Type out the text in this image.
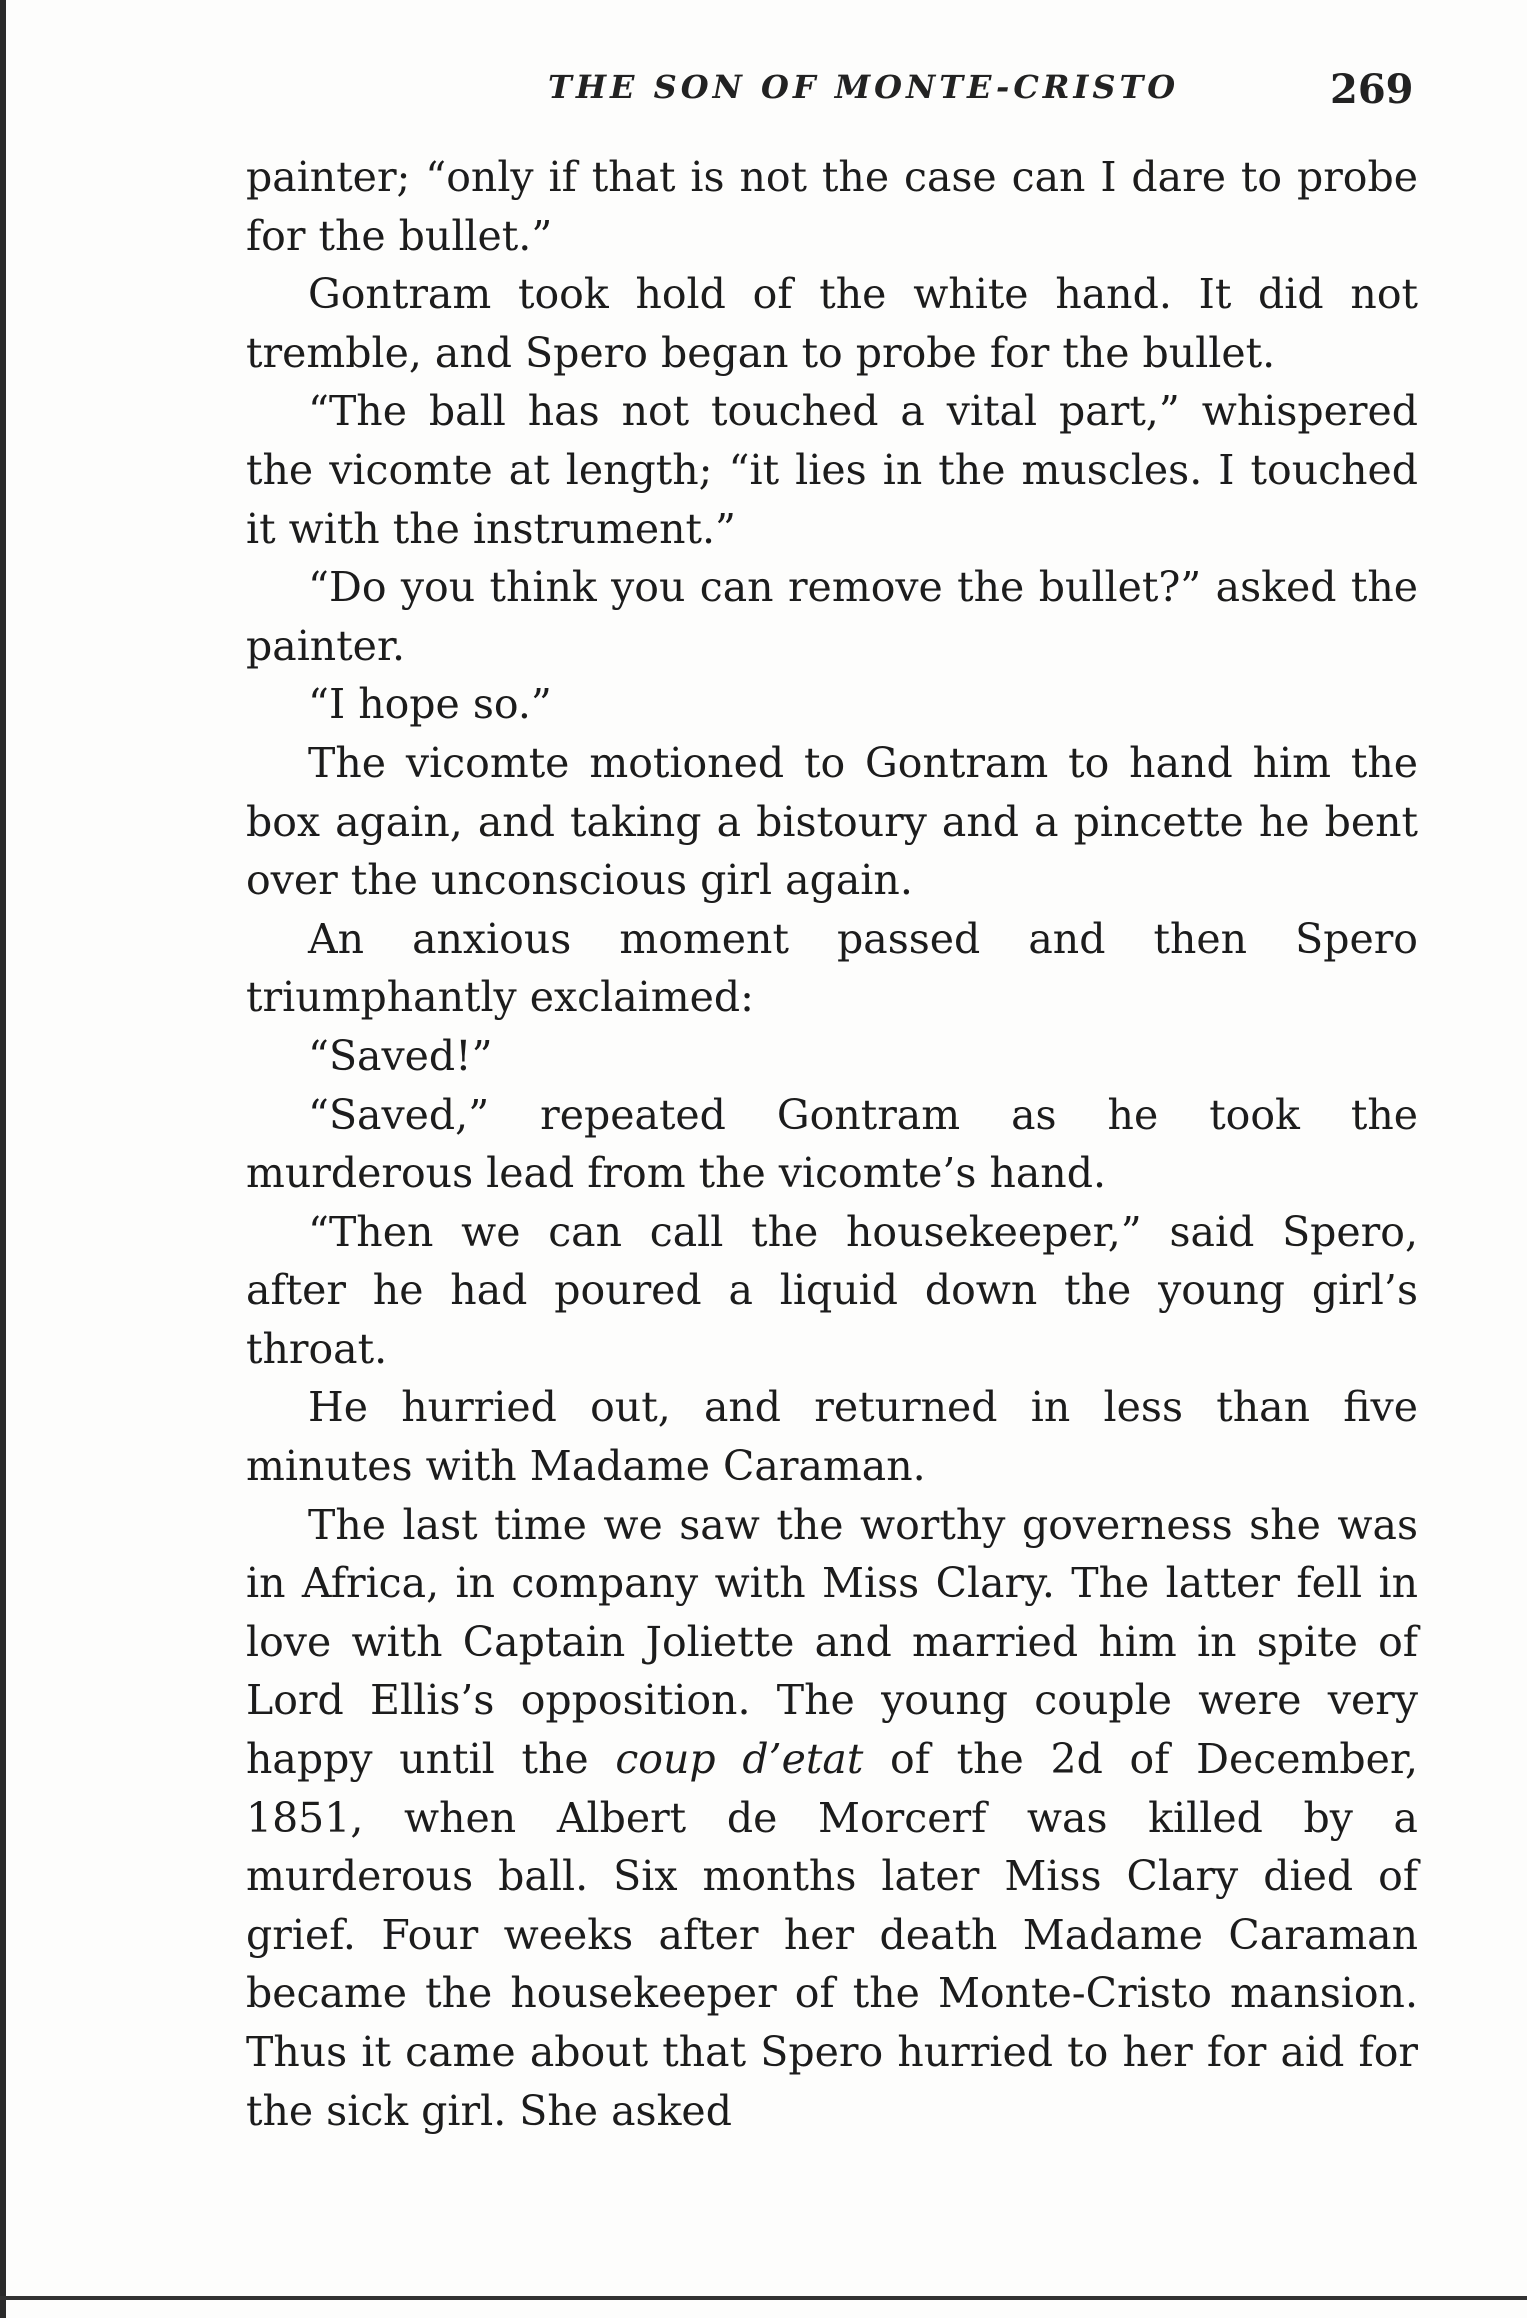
THE SON OF MONTE-CRISTO	269

painter; “only if that is not the case can I dare to probe for the bullet.”

Gontram took hold of the white hand. It did not tremble, and Spero began to probe for the bullet.

“The ball has not touched a vital part,” whispered the vicomte at length; “it lies in the muscles. I touched it with the instrument.”

“Do you think you can remove the bullet?” asked the painter.

“I hope so.”

The vicomte motioned to Gontram to hand him the box again, and taking a bistoury and a pincette he bent over the unconscious girl again.

An anxious moment passed and then Spero triumphantly exclaimed:

“Saved!”

“Saved,” repeated Gontram as he took the murderous lead from the vicomte’s hand.

“Then we can call the housekeeper,” said Spero, after he had poured a liquid down the young girl’s throat.

He hurried out, and returned in less than five minutes with Madame Caraman.

The last time we saw the worthy governess she was in Africa, in company with Miss Clary. The latter fell in love with Captain Joliette and married him in spite of Lord Ellis’s opposition. The young couple were very happy until the coup d’etat of the 2d of December, 1851, when Albert de Morcerf was killed by a murderous ball. Six months later Miss Clary died of grief. Four weeks after her death Madame Caraman became the housekeeper of the Monte-Cristo mansion. Thus it came about that Spero hurried to her for aid for the sick girl. She asked
